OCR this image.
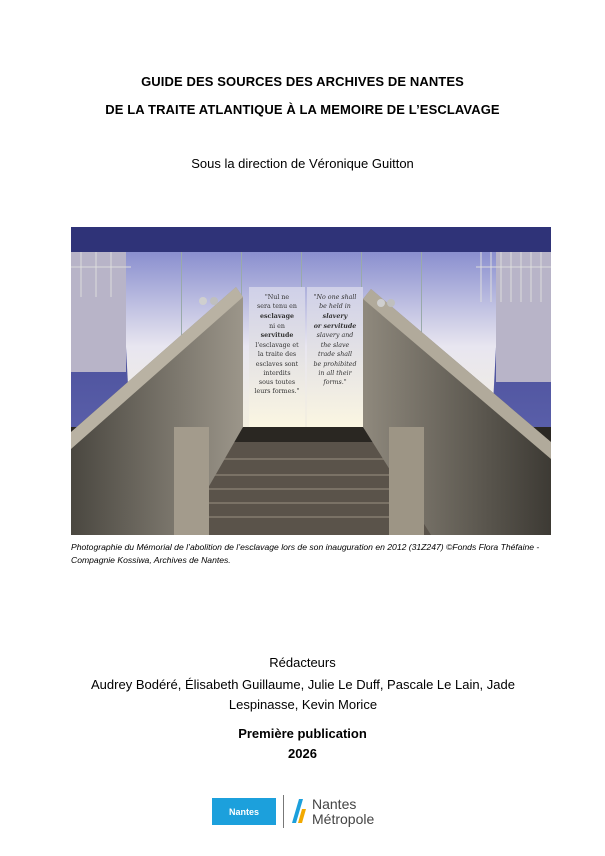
GUIDE DES SOURCES DES ARCHIVES DE NANTES
DE LA TRAITE ATLANTIQUE À LA MEMOIRE DE L’ESCLAVAGE
Sous la direction de Véronique Guitton
"Nul ne
sera tenu en
esclavage
ni en
servitude
l'esclavage et
la traite des
esclaves sont
interdits
sous toutes
leurs formes."
"No one shall
be held in
slavery
or servitude
slavery and
the slave
trade shall
be prohibited
in all their
forms."
Photographie du Mémorial de l’abolition de l’esclavage lors de son inauguration en 2012 (31Z247) ©Fonds Flora Théfaine - Compagnie Kossiwa, Archives de Nantes.
Rédacteurs
Audrey Bodéré, Élisabeth Guillaume, Julie Le Duff, Pascale Le Lain, Jade Lespinasse, Kevin Morice
Première publication
2026
Nantes	Nantes
Métropole
